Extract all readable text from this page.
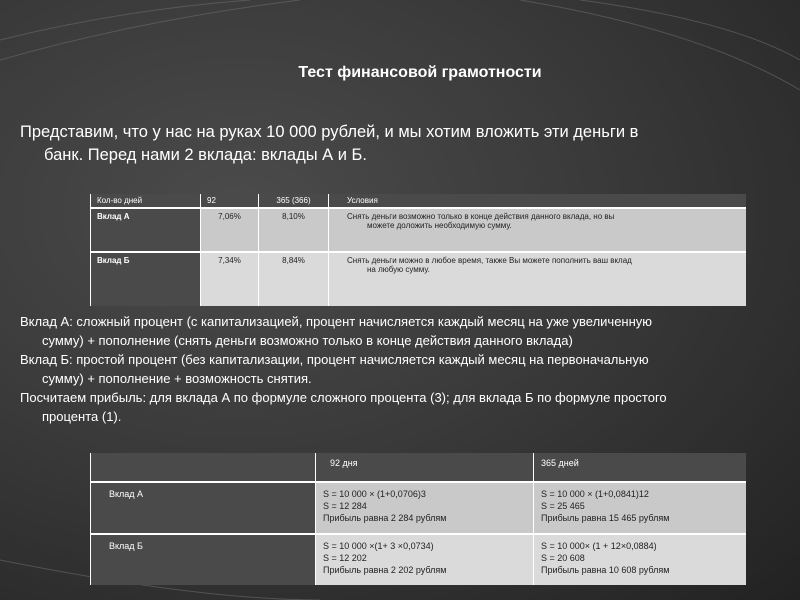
Тест финансовой грамотности
Представим, что у нас на руках 10 000 рублей, и мы хотим вложить эти деньги в
банк. Перед нами 2 вклада: вклады А и Б.
Кол-во дней	92	365 (366)	Условия
Вклад А	7,06%	8,10%	Снять деньги возможно только в конце действия данного вклада, но вы
можете доложить необходимую сумму.
Вклад Б	7,34%	8,84%	Снять деньги можно в любое время, также Вы можете пополнить ваш вклад
на любую сумму.
Вклад А: сложный процент (с капитализацией, процент начисляется каждый месяц на уже увеличенную
сумму) + пополнение (снять деньги возможно только в конце действия данного вклада)
Вклад Б: простой процент (без капитализации, процент начисляется каждый месяц на первоначальную
сумму) + пополнение + возможность снятия.
Посчитаем прибыль: для вклада А по формуле сложного процента (3); для вклада Б по формуле простого
процента (1).
	92 дня	365 дней
Вклад А	S = 10 000 × (1+0,0706)3
S = 12 284
Прибыль равна 2 284 рублям	S = 10 000 × (1+0,0841)12
S = 25 465
Прибыль равна 15 465 рублям

Вклад Б	S = 10 000 ×(1+ 3 ×0,0734)
S = 12 202
Прибыль равна 2 202 рублям	S = 10 000× (1 + 12×0,0884)
S = 20 608
Прибыль равна 10 608 рублям
